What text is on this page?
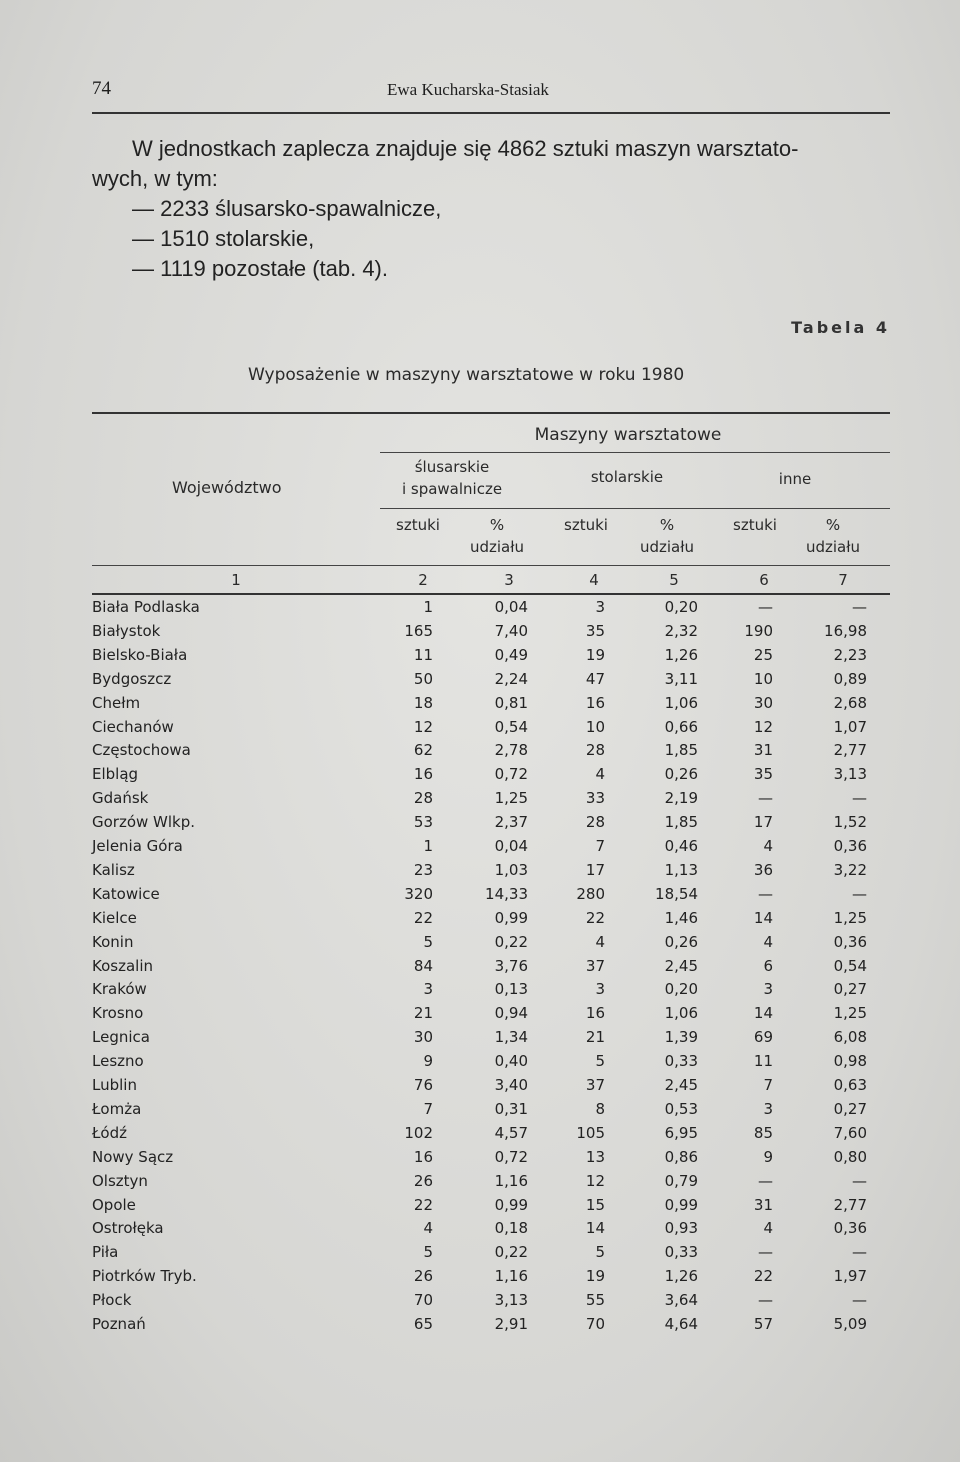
74	Ewa Kucharska-Stasiak
W jednostkach zaplecza znajduje się 4862 sztuki maszyn warsztato-
wych, w tym:
— 2233 ślusarsko-spawalnicze,
— 1510 stolarskie,
— 1119 pozostałe (tab. 4).
Tabela 4
Wyposażenie w maszyny warsztatowe w roku 1980
Maszyny warsztatowe
Województwo
ślusarskie
i spawalnicze
stolarskie	inne
sztuki	%
udziału
sztuki	%
udziału
sztuki	%
udziału
1	2	3	4	5	6	7
Biała Podlaska	1	0,04	3	0,20	—	—
Białystok	165	7,40	35	2,32	190	16,98
Bielsko-Biała	11	0,49	19	1,26	25	2,23
Bydgoszcz	50	2,24	47	3,11	10	0,89
Chełm	18	0,81	16	1,06	30	2,68
Ciechanów	12	0,54	10	0,66	12	1,07
Częstochowa	62	2,78	28	1,85	31	2,77
Elbląg	16	0,72	4	0,26	35	3,13
Gdańsk	28	1,25	33	2,19	—	—
Gorzów Wlkp.	53	2,37	28	1,85	17	1,52
Jelenia Góra	1	0,04	7	0,46	4	0,36
Kalisz	23	1,03	17	1,13	36	3,22
Katowice	320	14,33	280	18,54	—	—
Kielce	22	0,99	22	1,46	14	1,25
Konin	5	0,22	4	0,26	4	0,36
Koszalin	84	3,76	37	2,45	6	0,54
Kraków	3	0,13	3	0,20	3	0,27
Krosno	21	0,94	16	1,06	14	1,25
Legnica	30	1,34	21	1,39	69	6,08
Leszno	9	0,40	5	0,33	11	0,98
Lublin	76	3,40	37	2,45	7	0,63
Łomża	7	0,31	8	0,53	3	0,27
Łódź	102	4,57	105	6,95	85	7,60
Nowy Sącz	16	0,72	13	0,86	9	0,80
Olsztyn	26	1,16	12	0,79	—	—
Opole	22	0,99	15	0,99	31	2,77
Ostrołęka	4	0,18	14	0,93	4	0,36
Piła	5	0,22	5	0,33	—	—
Piotrków Tryb.	26	1,16	19	1,26	22	1,97
Płock	70	3,13	55	3,64	—	—
Poznań	65	2,91	70	4,64	57	5,09
